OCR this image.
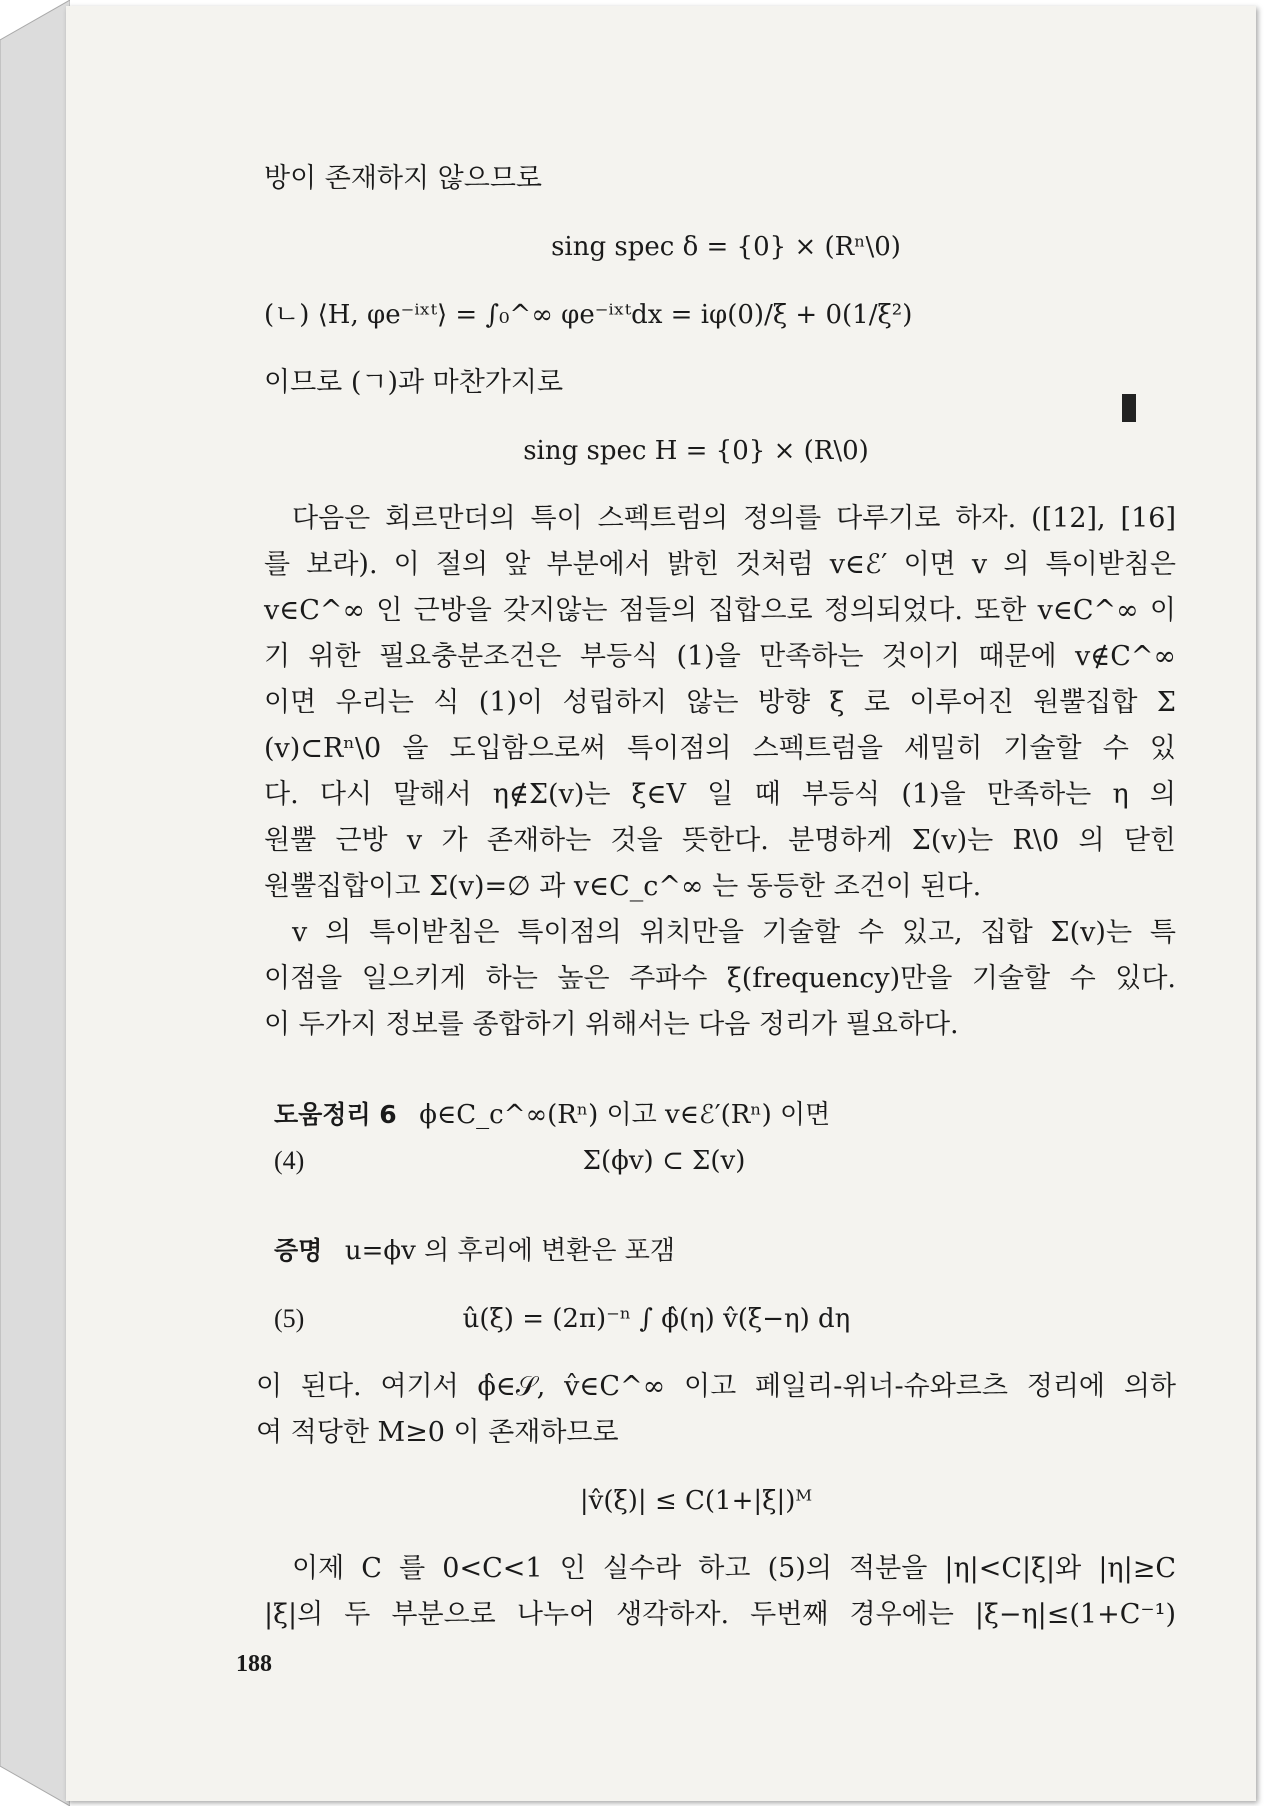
방이 존재하지 않으므로
sing spec δ = {0} × (Rⁿ\0)
(ㄴ) ⟨H, φe⁻ⁱˣᵗ⟩ = ∫₀^∞ φe⁻ⁱˣᵗdx = iφ(0)/ξ + 0(1/ξ²)
이므로 (ㄱ)과 마찬가지로
sing spec H = {0} × (R\0)
다음은 회르만더의 특이 스펙트럼의 정의를 다루기로 하자. ([12], [16]
를 보라). 이 절의 앞 부분에서 밝힌 것처럼 v∈ℰ′ 이면 v 의 특이받침은
v∈C^∞ 인 근방을 갖지않는 점들의 집합으로 정의되었다. 또한 v∈C^∞ 이
기 위한 필요충분조건은 부등식 (1)을 만족하는 것이기 때문에 v∉C^∞
이면 우리는 식 (1)이 성립하지 않는 방향 ξ 로 이루어진 원뿔집합 Σ
(v)⊂Rⁿ\0 을 도입함으로써 특이점의 스펙트럼을 세밀히 기술할 수 있
다. 다시 말해서 η∉Σ(v)는 ξ∈V 일 때 부등식 (1)을 만족하는 η 의
원뿔 근방 v 가 존재하는 것을 뜻한다. 분명하게 Σ(v)는 R\0 의 닫힌
원뿔집합이고 Σ(v)=∅ 과 v∈C_c^∞ 는 동등한 조건이 된다.
v 의 특이받침은 특이점의 위치만을 기술할 수 있고, 집합 Σ(v)는 특
이점을 일으키게 하는 높은 주파수 ξ(frequency)만을 기술할 수 있다.
이 두가지 정보를 종합하기 위해서는 다음 정리가 필요하다.
도움정리 6 ϕ∈C_c^∞(Rⁿ) 이고 v∈ℰ′(Rⁿ) 이면
(4)	Σ(ϕv) ⊂ Σ(v)
증명 u=ϕv 의 후리에 변환은 포갬
(5)	û(ξ) = (2π)⁻ⁿ ∫ ϕ̂(η) v̂(ξ−η) dη
이 된다. 여기서 ϕ̂∈𝒮, v̂∈C^∞ 이고 페일리-위너-슈와르츠 정리에 의하
여 적당한 M≥0 이 존재하므로
|v̂(ξ)| ≤ C(1+|ξ|)ᴹ
이제 C 를 0<C<1 인 실수라 하고 (5)의 적분을 |η|<C|ξ|와 |η|≥C
|ξ|의 두 부분으로 나누어 생각하자. 두번째 경우에는 |ξ−η|≤(1+C⁻¹)
188
